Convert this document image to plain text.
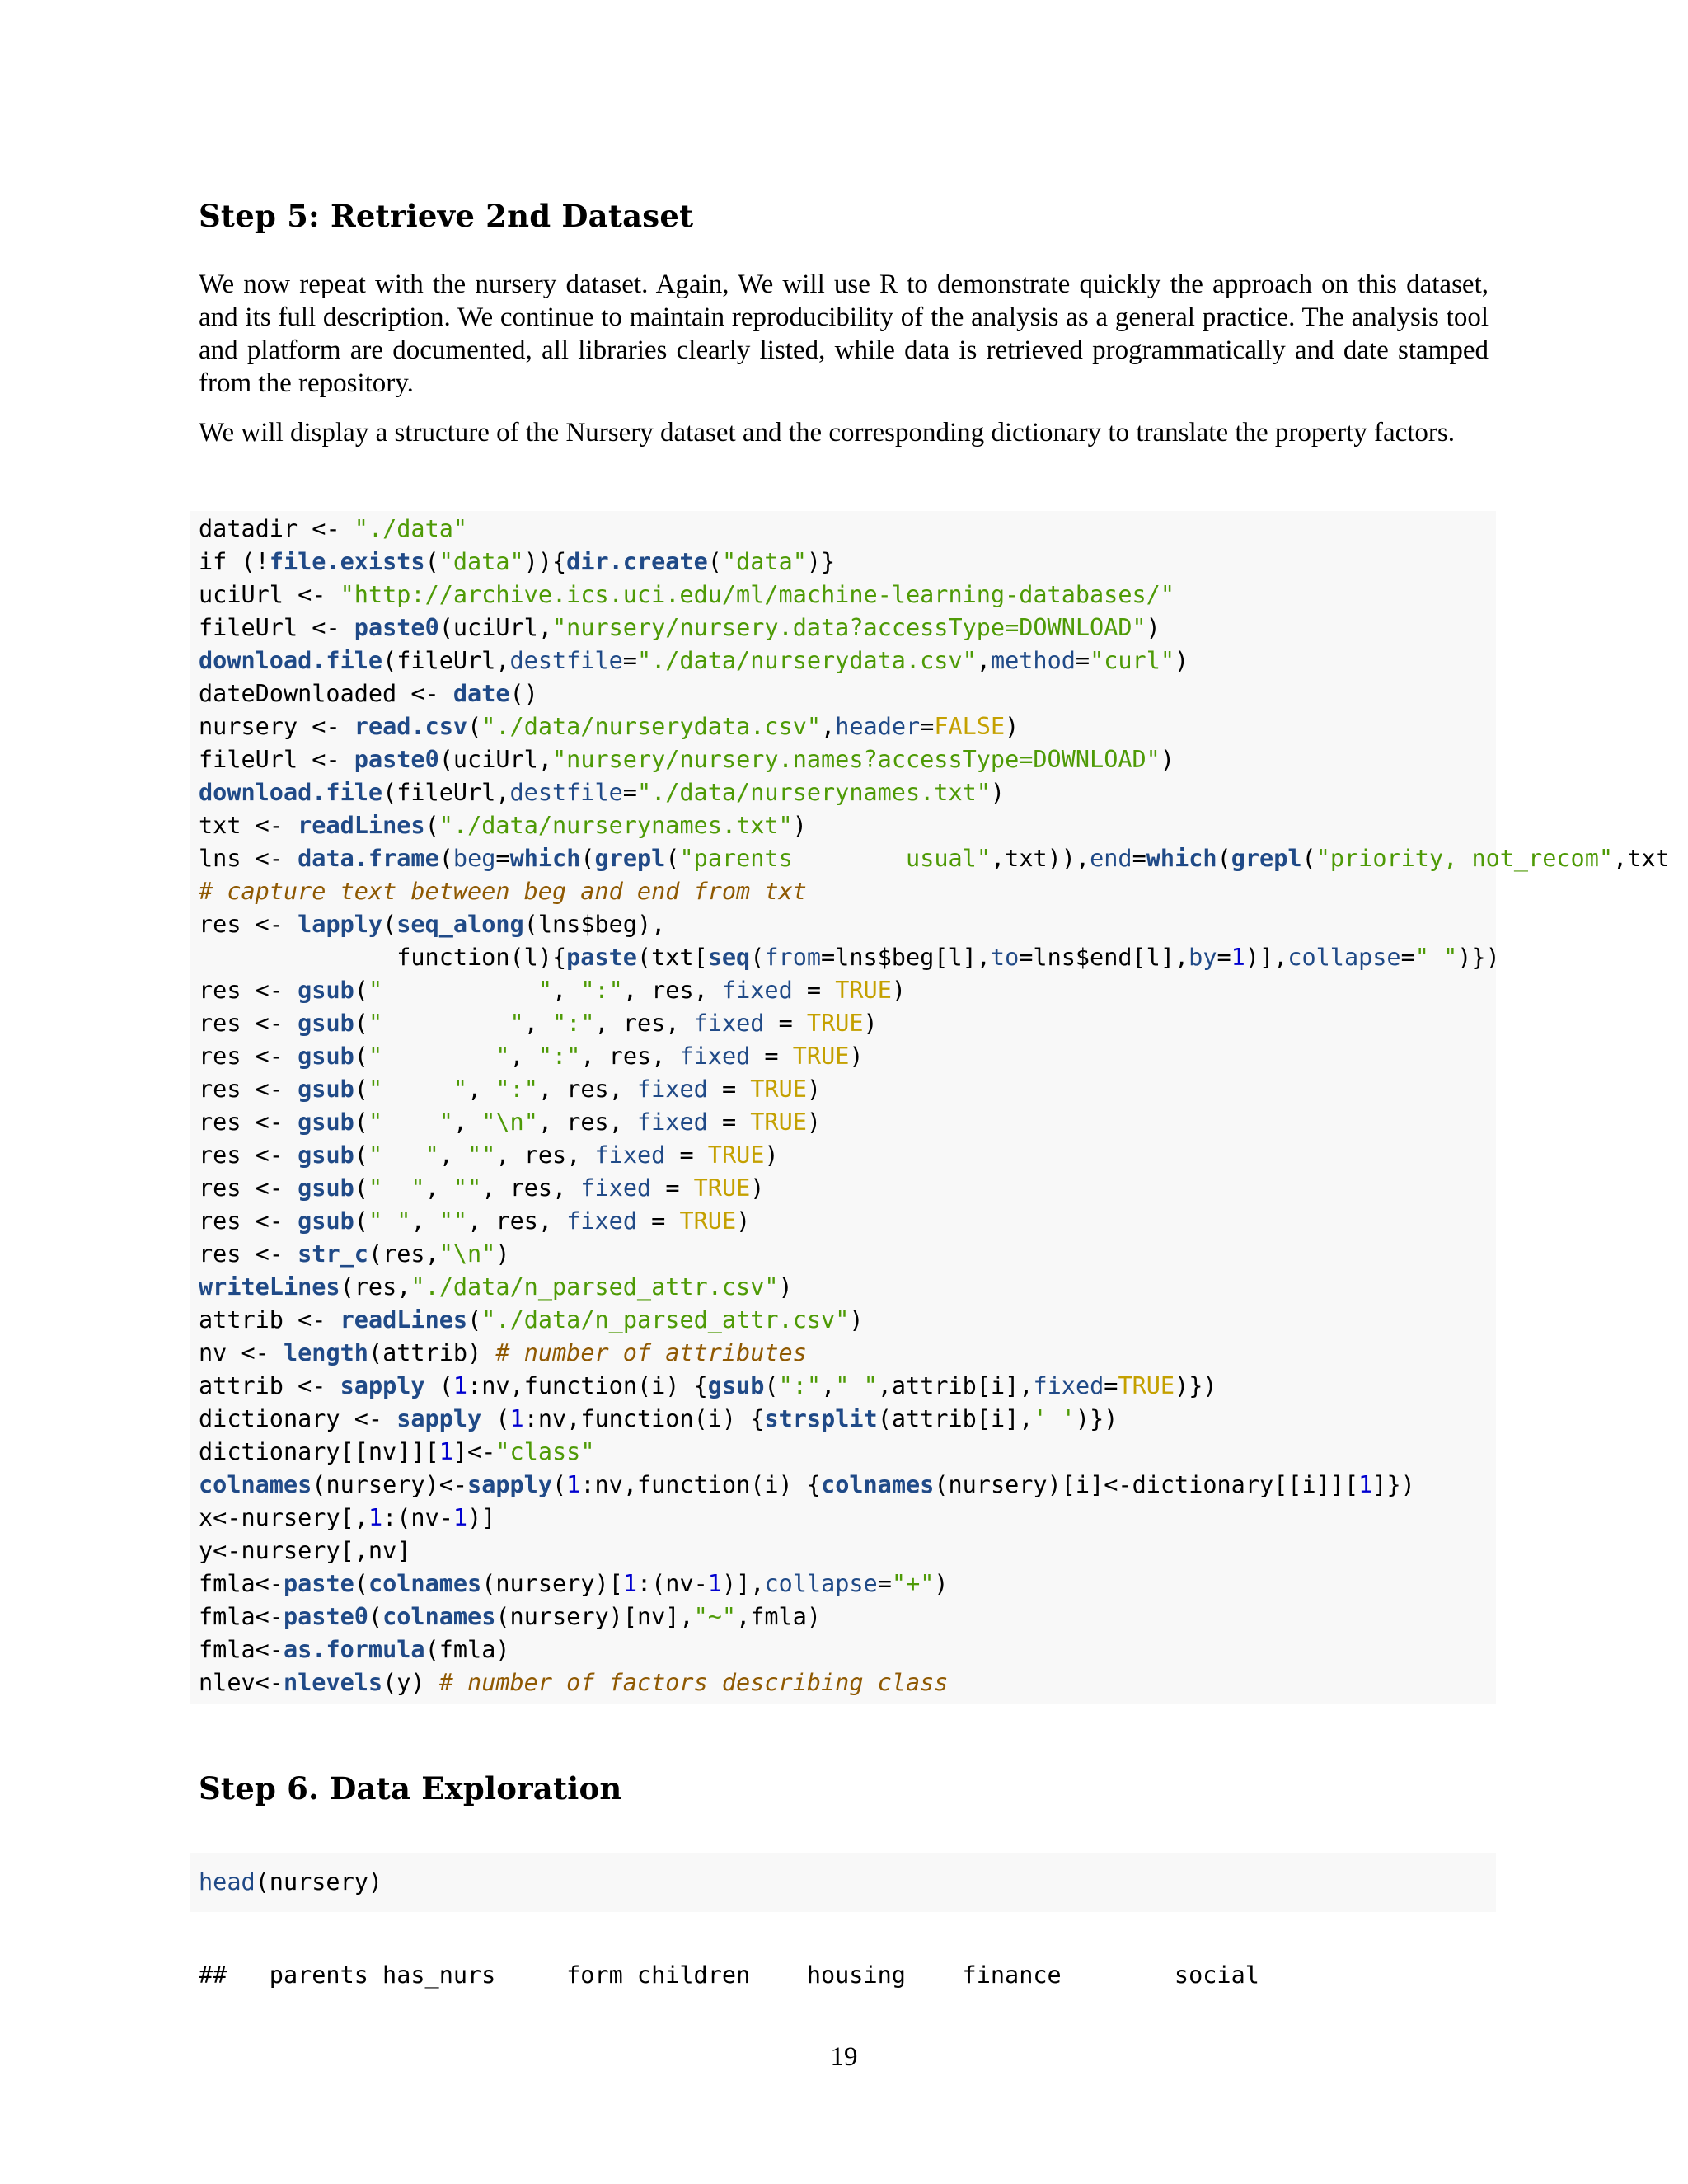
Step 5: Retrieve 2nd Dataset

We now repeat with the nursery dataset. Again, We will use R to demonstrate quickly the approach on this dataset, and its full description. We continue to maintain reproducibility of the analysis as a general practice. The analysis tool and platform are documented, all libraries clearly listed, while data is retrieved programmatically and date stamped from the repository.

We will display a structure of the Nursery dataset and the corresponding dictionary to translate the property factors.

datadir <- "./data"
if (!file.exists("data")){dir.create("data")}
uciUrl <- "http://archive.ics.uci.edu/ml/machine-learning-databases/"
fileUrl <- paste0(uciUrl,"nursery/nursery.data?accessType=DOWNLOAD")
download.file(fileUrl,destfile="./data/nurserydata.csv",method="curl")
dateDownloaded <- date()
nursery <- read.csv("./data/nurserydata.csv",header=FALSE)
fileUrl <- paste0(uciUrl,"nursery/nursery.names?accessType=DOWNLOAD")
download.file(fileUrl,destfile="./data/nurserynames.txt")
txt <- readLines("./data/nurserynames.txt")
lns <- data.frame(beg=which(grepl("parents        usual",txt)),end=which(grepl("priority, not_recom",txt
# capture text between beg and end from txt
res <- lapply(seq_along(lns$beg),
function(l){paste(txt[seq(from=lns$beg[l],to=lns$end[l],by=1)],collapse=" ")})
res <- gsub("           ", ":", res, fixed = TRUE)
res <- gsub("         ", ":", res, fixed = TRUE)
res <- gsub("        ", ":", res, fixed = TRUE)
res <- gsub("     ", ":", res, fixed = TRUE)
res <- gsub("    ", "\n", res, fixed = TRUE)
res <- gsub("   ", "", res, fixed = TRUE)
res <- gsub("  ", "", res, fixed = TRUE)
res <- gsub(" ", "", res, fixed = TRUE)
res <- str_c(res,"\n")
writeLines(res,"./data/n_parsed_attr.csv")
attrib <- readLines("./data/n_parsed_attr.csv")
nv <- length(attrib) # number of attributes
attrib <- sapply (1:nv,function(i) {gsub(":"," ",attrib[i],fixed=TRUE)})
dictionary <- sapply (1:nv,function(i) {strsplit(attrib[i],' ')})
dictionary[[nv]][1]<-"class"
colnames(nursery)<-sapply(1:nv,function(i) {colnames(nursery)[i]<-dictionary[[i]][1]})
x<-nursery[,1:(nv-1)]
y<-nursery[,nv]
fmla<-paste(colnames(nursery)[1:(nv-1)],collapse="+")
fmla<-paste0(colnames(nursery)[nv],"~",fmla)
fmla<-as.formula(fmla)
nlev<-nlevels(y) # number of factors describing class
Step 6. Data Exploration
head(nursery)
##   parents has_nurs     form children    housing    finance        social
19
